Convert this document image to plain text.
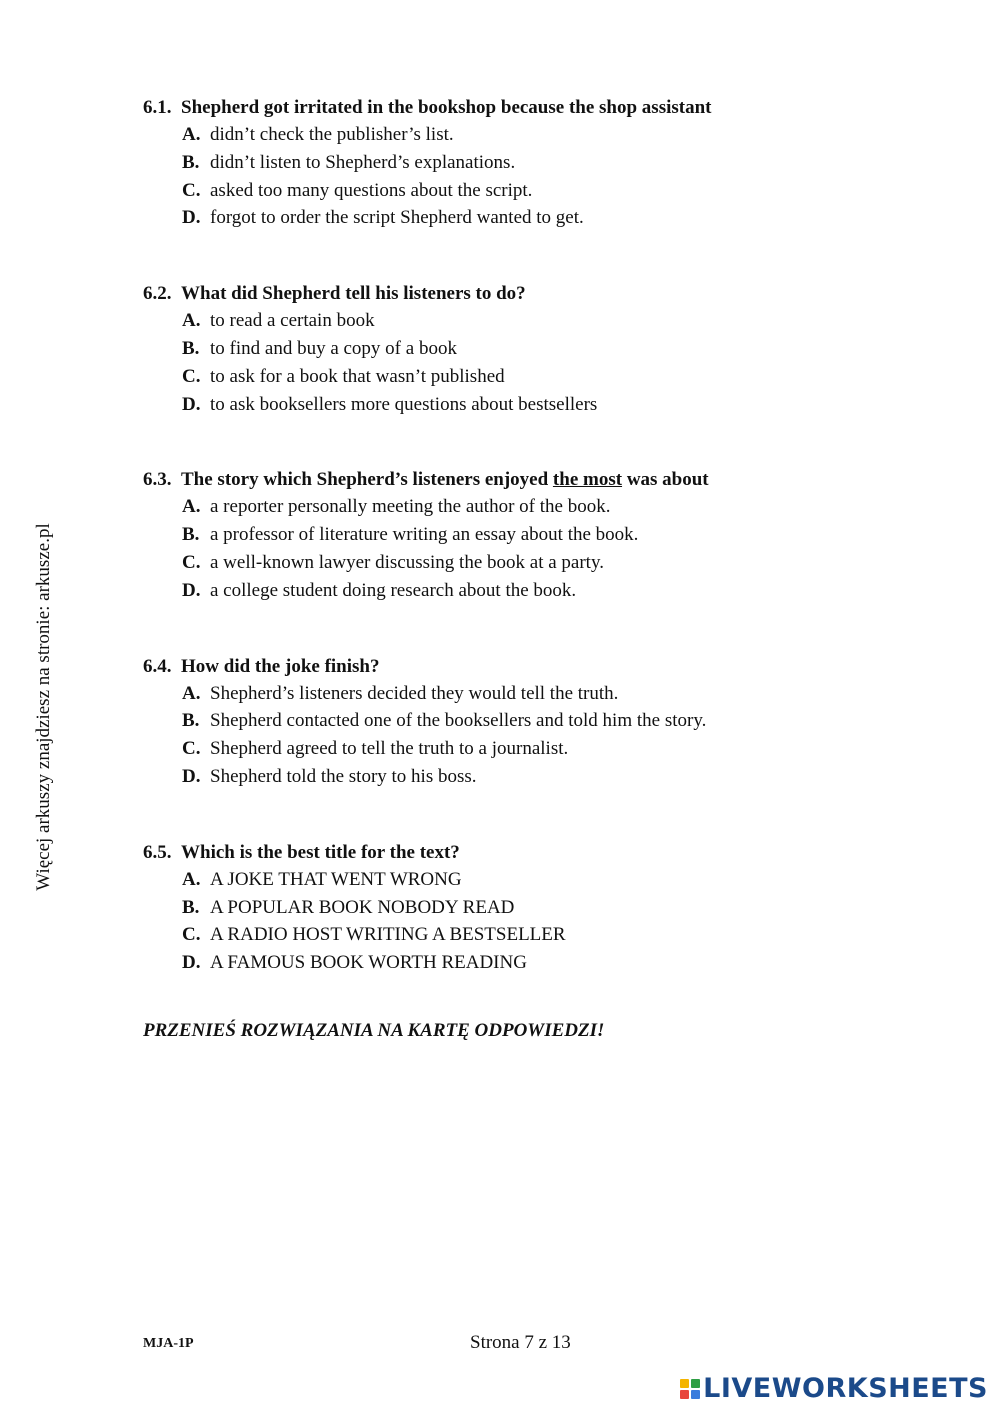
Więcej arkuszy znajdziesz na stronie: arkusze.pl
6.1. Shepherd got irritated in the bookshop because the shop assistant
A. didn’t check the publisher’s list.
B. didn’t listen to Shepherd’s explanations.
C. asked too many questions about the script.
D. forgot to order the script Shepherd wanted to get.
6.2. What did Shepherd tell his listeners to do?
A. to read a certain book
B. to find and buy a copy of a book
C. to ask for a book that wasn’t published
D. to ask booksellers more questions about bestsellers
6.3. The story which Shepherd’s listeners enjoyed the most was about
A. a reporter personally meeting the author of the book.
B. a professor of literature writing an essay about the book.
C. a well-known lawyer discussing the book at a party.
D. a college student doing research about the book.
6.4. How did the joke finish?
A. Shepherd’s listeners decided they would tell the truth.
B. Shepherd contacted one of the booksellers and told him the story.
C. Shepherd agreed to tell the truth to a journalist.
D. Shepherd told the story to his boss.
6.5. Which is the best title for the text?
A. A JOKE THAT WENT WRONG
B. A POPULAR BOOK NOBODY READ
C. A RADIO HOST WRITING A BESTSELLER
D. A FAMOUS BOOK WORTH READING
PRZENIEŚ ROZWIĄZANIA NA KARTĘ ODPOWIEDZI!
MJA-1P	Strona 7 z 13
LIVEWORKSHEETS
